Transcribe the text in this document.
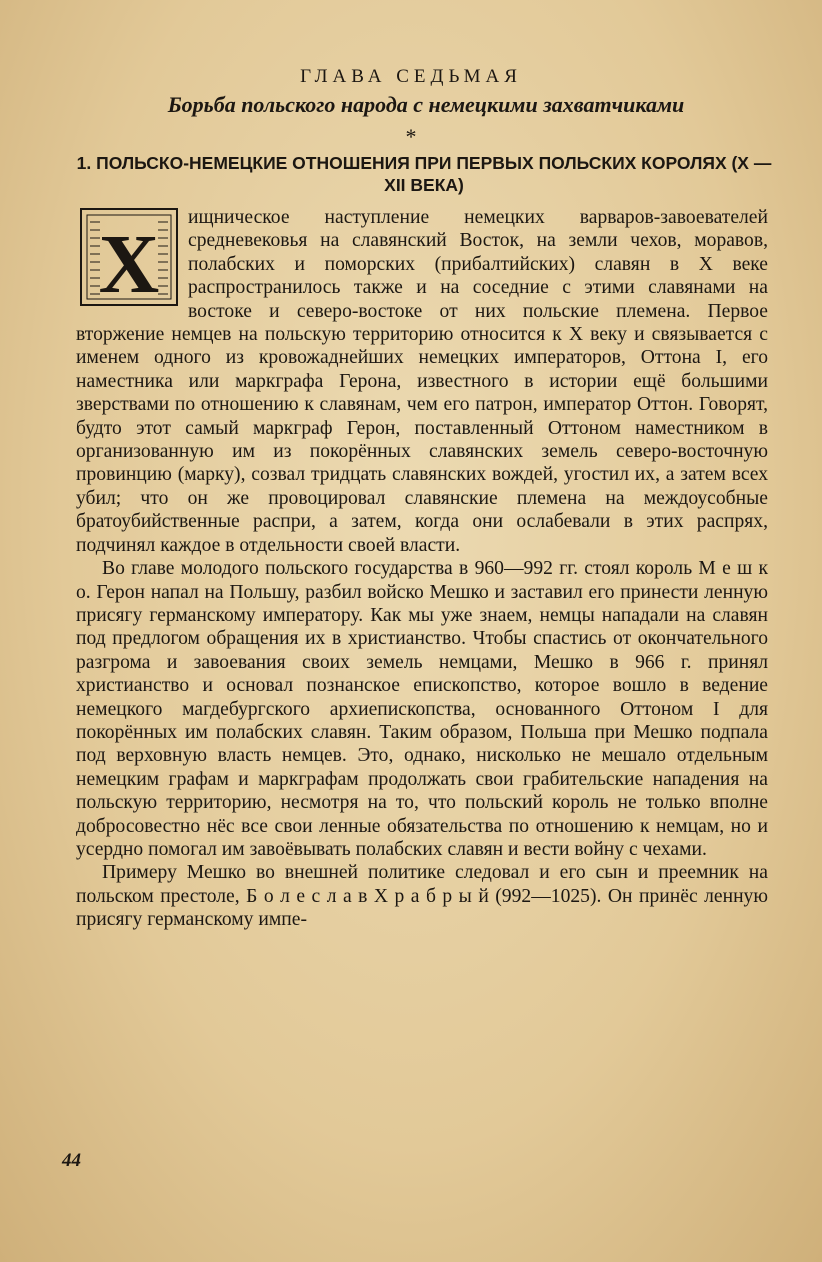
ГЛАВА СЕДЬМАЯ
Борьба польского народа с немецкими захватчиками
*
1. ПОЛЬСКО-НЕМЕЦКИЕ ОТНОШЕНИЯ ПРИ ПЕРВЫХ ПОЛЬСКИХ КОРОЛЯХ (X — XII ВЕКА)
Х

ищническое наступление немецких варваров-завоевателей средневековья на славянский Восток, на земли чехов, моравов, полабских и поморских (прибалтийских) славян в X веке распространилось также и на соседние с этими славянами на востоке и северо-востоке от них польские племена. Первое вторжение немцев на польскую территорию относится к X веку и связывается с именем одного из кровожаднейших немецких императоров, Оттона I, его наместника или маркграфа Герона, известного в истории ещё большими зверствами по отношению к славянам, чем его патрон, император Оттон. Говорят, будто этот самый маркграф Герон, поставленный Оттоном наместником в организованную им из покорённых славянских земель северо-восточную провинцию (марку), созвал тридцать славянских вождей, угостил их, а затем всех убил; что он же провоцировал славянские племена на междоусобные братоубийственные распри, а затем, когда они ослабевали в этих распрях, подчинял каждое в отдельности своей власти.

Во главе молодого польского государства в 960—992 гг. стоял король М е ш к о. Герон напал на Польшу, разбил войско Мешко и заставил его принести ленную присягу германскому императору. Как мы уже знаем, немцы нападали на славян под предлогом обращения их в христианство. Чтобы спастись от окончательного разгрома и завоевания своих земель немцами, Мешко в 966 г. принял христианство и основал познанское епископство, которое вошло в ведение немецкого магдебургского архиепископства, основанного Оттоном I для покорённых им полабских славян. Таким образом, Польша при Мешко подпала под верховную власть немцев. Это, однако, нисколько не мешало отдельным немецким графам и маркграфам продолжать свои грабительские нападения на польскую территорию, несмотря на то, что польский король не только вполне добросовестно нёс все свои ленные обязательства по отношению к немцам, но и усердно помогал им завоёвывать полабских славян и вести войну с чехами.

Примеру Мешко во внешней политике следовал и его сын и преемник на польском престоле, Б о л е с л а в Х р а б р ы й (992—1025). Он принёс ленную присягу германскому импе-

44
